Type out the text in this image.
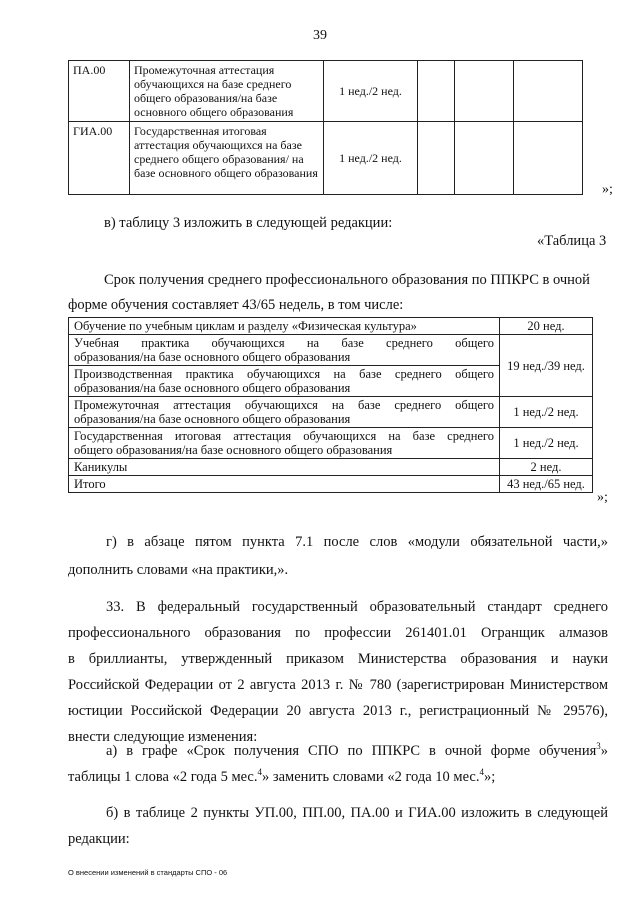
39
ПА.00	Промежуточная аттестация обучающихся на базе среднего общего образования/на базе основного общего образования	1 нед./2 нед.			
ГИА.00	Государственная итоговая аттестация обучающихся на базе среднего общего образования/ на базе основного общего образования	1 нед./2 нед.			
»;
в) таблицу 3 изложить в следующей редакции:
«Таблица 3
Срок получения среднего профессионального образования по ППКРС в очной
форме обучения составляет 43/65 недель, в том числе:
Обучение по учебным циклам и разделу «Физическая культура»	20 нед.

Учебная практика обучающихся на базе среднего общего
образования/на базе основного общего образования	19 нед./39 нед.

Производственная практика обучающихся на базе среднего общего
образования/на базе основного общего образования	

Промежуточная аттестация обучающихся на базе среднего общего
образования/на базе основного общего образования	1 нед./2 нед.

Государственная итоговая аттестация обучающихся на базе среднего
общего образования/на базе основного общего образования	1 нед./2 нед.
Каникулы	2 нед.
Итого	43 нед./65 нед.
»;
г) в абзаце пятом пункта 7.1 после слов «модули обязательной части,»
дополнить словами «на практики,».
33. В федеральный государственный образовательный стандарт среднего
профессионального образования по профессии 261401.01 Огранщик алмазов
в бриллианты, утвержденный приказом Министерства образования и науки
Российской Федерации от 2 августа 2013 г. № 780 (зарегистрирован Министерством
юстиции Российской Федерации 20 августа 2013 г., регистрационный № 29576),
внести следующие изменения:
а) в графе «Срок получения СПО по ППКРС в очной форме обучения$^3$»
таблицы 1 слова «2 года 5 мес.$^4$» заменить словами «2 года 10 мес.$^4$»;
б) в таблице 2 пункты УП.00, ПП.00, ПА.00 и ГИА.00 изложить в следующей
редакции:
О внесении изменений в стандарты СПО - 06
